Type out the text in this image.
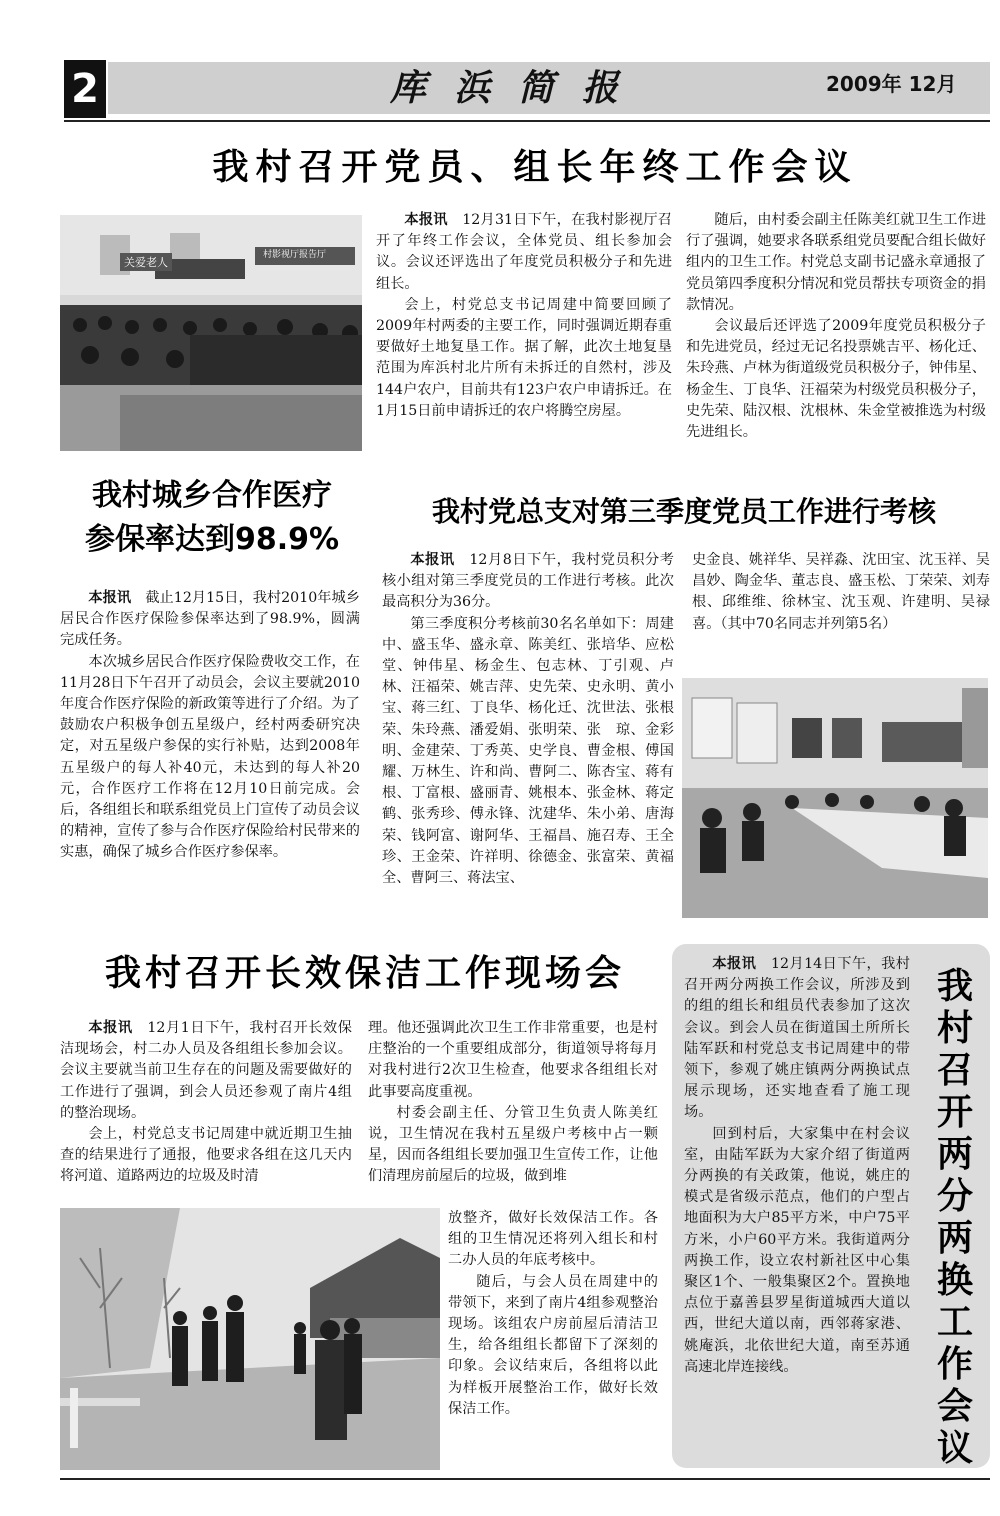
2	库浜简报	2009年 12月
我村召开党员、组长年终工作会议
关爱老人
村影视厅报告厅

本报讯　 12月31日下午，在我村影视厅召开了年终工作会议，全体党员、组长参加会议。会议还评选出了年度党员积极分子和先进组长。

会上，村党总支书记周建中简要回顾了2009年村两委的主要工作，同时强调近期春重要做好土地复垦工作。据了解，此次土地复垦范围为库浜村北片所有未拆迁的自然村，涉及144户农户，目前共有123户农户申请拆迁。在1月15日前申请拆迁的农户将腾空房屋。

随后，由村委会副主任陈美红就卫生工作进行了强调，她要求各联系组党员要配合组长做好组内的卫生工作。村党总支副书记盛永章通报了党员第四季度积分情况和党员帮扶专项资金的捐款情况。

会议最后还评选了2009年度党员积极分子和先进党员，经过无记名投票姚吉平、杨化迁、朱玲燕、卢林为街道级党员积极分子，钟伟星、杨金生、丁良华、汪福荣为村级党员积极分子，史先荣、陆汉根、沈根林、朱金堂被推选为村级先进组长。

我村城乡合作医疗
参保率达到98.9%

本报讯　 截止12月15日，我村2010年城乡居民合作医疗保险参保率达到了98.9%，圆满完成任务。

本次城乡居民合作医疗保险费收交工作，在11月28日下午召开了动员会，会议主要就2010年度合作医疗保险的新政策等进行了介绍。为了鼓励农户积极争创五星级户，经村两委研究决定，对五星级户参保的实行补贴，达到2008年五星级户的每人补40元，未达到的每人补20元，合作医疗工作将在12月10日前完成。会后，各组组长和联系组党员上门宣传了动员会议的精神，宣传了参与合作医疗保险给村民带来的实惠，确保了城乡合作医疗参保率。

我村党总支对第三季度党员工作进行考核

本报讯　 12月8日下午，我村党员积分考核小组对第三季度党员的工作进行考核。此次最高积分为36分。

第三季度积分考核前30名名单如下：周建中、盛玉华、盛永章、陈美红、张培华、应松堂、钟伟星、杨金生、包志林、丁引观、卢　林、汪福荣、姚吉萍、史先荣、史永明、黄小宝、蒋三红、丁良华、杨化迁、沈世法、张根荣、朱玲燕、潘爱娟、张明荣、张　琼、金彩明、金建荣、丁秀英、史学良、曹金根、傅国耀、万林生、许和尚、曹阿二、陈杏宝、蒋有根、丁富根、盛丽青、姚根本、张金林、蒋定鹤、张秀珍、傅永锋、沈建华、朱小弟、唐海荣、钱阿富、谢阿华、王福昌、施召寿、王全珍、王金荣、许祥明、徐德金、张富荣、黄福全、曹阿三、蒋法宝、

史金良、姚祥华、吴祥淼、沈田宝、沈玉祥、吴昌妙、陶金华、董志良、盛玉松、丁荣荣、刘寿根、邱维维、徐林宝、沈玉观、许建明、吴禄喜。（其中70名同志并列第5名）

我村召开长效保洁工作现场会

本报讯　 12月1日下午，我村召开长效保洁现场会，村二办人员及各组组长参加会议。会议主要就当前卫生存在的问题及需要做好的工作进行了强调，到会人员还参观了南片4组的整治现场。

会上，村党总支书记周建中就近期卫生抽查的结果进行了通报，他要求各组在这几天内将河道、道路两边的垃圾及时清

理。他还强调此次卫生工作非常重要，也是村庄整治的一个重要组成部分，街道领导将每月对我村进行2次卫生检查，他要求各组组长对此事要高度重视。

村委会副主任、分管卫生负责人陈美红说，卫生情况在我村五星级户考核中占一颗星，因而各组组长要加强卫生宣传工作，让他们清理房前屋后的垃圾，做到堆

放整齐，做好长效保洁工作。各组的卫生情况还将列入组长和村二办人员的年底考核中。

随后，与会人员在周建中的带领下，来到了南片4组参观整治现场。该组农户房前屋后清洁卫生，给各组组长都留下了深刻的印象。会议结束后，各组将以此为样板开展整治工作，做好长效保洁工作。

本报讯　 12月14日下午，我村召开两分两换工作会议，所涉及到的组的组长和组员代表参加了这次会议。到会人员在街道国土所所长陆军跃和村党总支书记周建中的带领下，参观了姚庄镇两分两换试点展示现场，还实地查看了施工现场。

回到村后，大家集中在村会议室，由陆军跃为大家介绍了街道两分两换的有关政策，他说，姚庄的模式是省级示范点，他们的户型占地面积为大户85平方米，中户75平方米，小户60平方米。我街道两分两换工作，设立农村新社区中心集聚区1个、一般集聚区2个。置换地点位于嘉善县罗星街道城西大道以西，世纪大道以南，西邻蒋家港、姚庵浜，北依世纪大道，南至苏通高速北岸连接线。

我村召开两分两换工作会议
